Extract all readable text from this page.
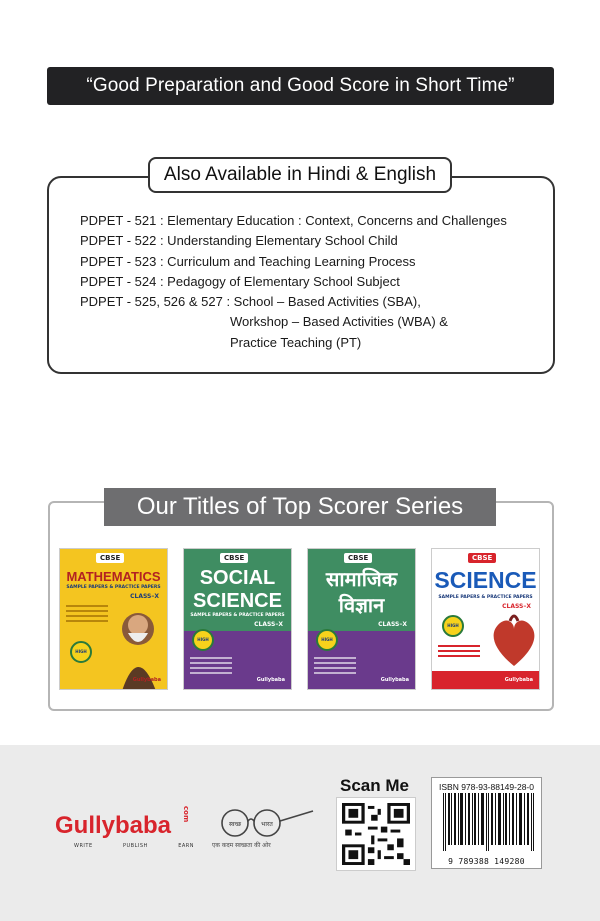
“Good Preparation and Good Score in Short Time”
Also Available in Hindi & English
PDPET - 521 : Elementary Education : Context, Concerns and Challenges
PDPET - 522 : Understanding Elementary School Child
PDPET - 523 : Curriculum and Teaching Learning Process
PDPET - 524 : Pedagogy of Elementary School Subject
PDPET - 525, 526 & 527 : School – Based Activities (SBA),
Workshop – Based Activities (WBA) &
Practice Teaching (PT)
Our Titles of Top Scorer Series
CBSE
MATHEMATICS
SAMPLE PAPERS & PRACTICE PAPERS
CLASS–X
HIGH
Gullybaba
CBSE
SOCIAL
SCIENCE
SAMPLE PAPERS & PRACTICE PAPERS
CLASS–X
HIGH
Gullybaba
CBSE
सामाजिक
विज्ञान
CLASS–X
HIGH
Gullybaba
CBSE
SCIENCE
SAMPLE PAPERS & PRACTICE PAPERS
CLASS–X
HIGH
Gullybaba
Gullybaba com
WRITE	PUBLISH	EARN
स्वच्छ	भारत
एक कदम स्वच्छता की ओर
Scan Me	ISBN 978-93-88149-28-0
9 789388 149280
